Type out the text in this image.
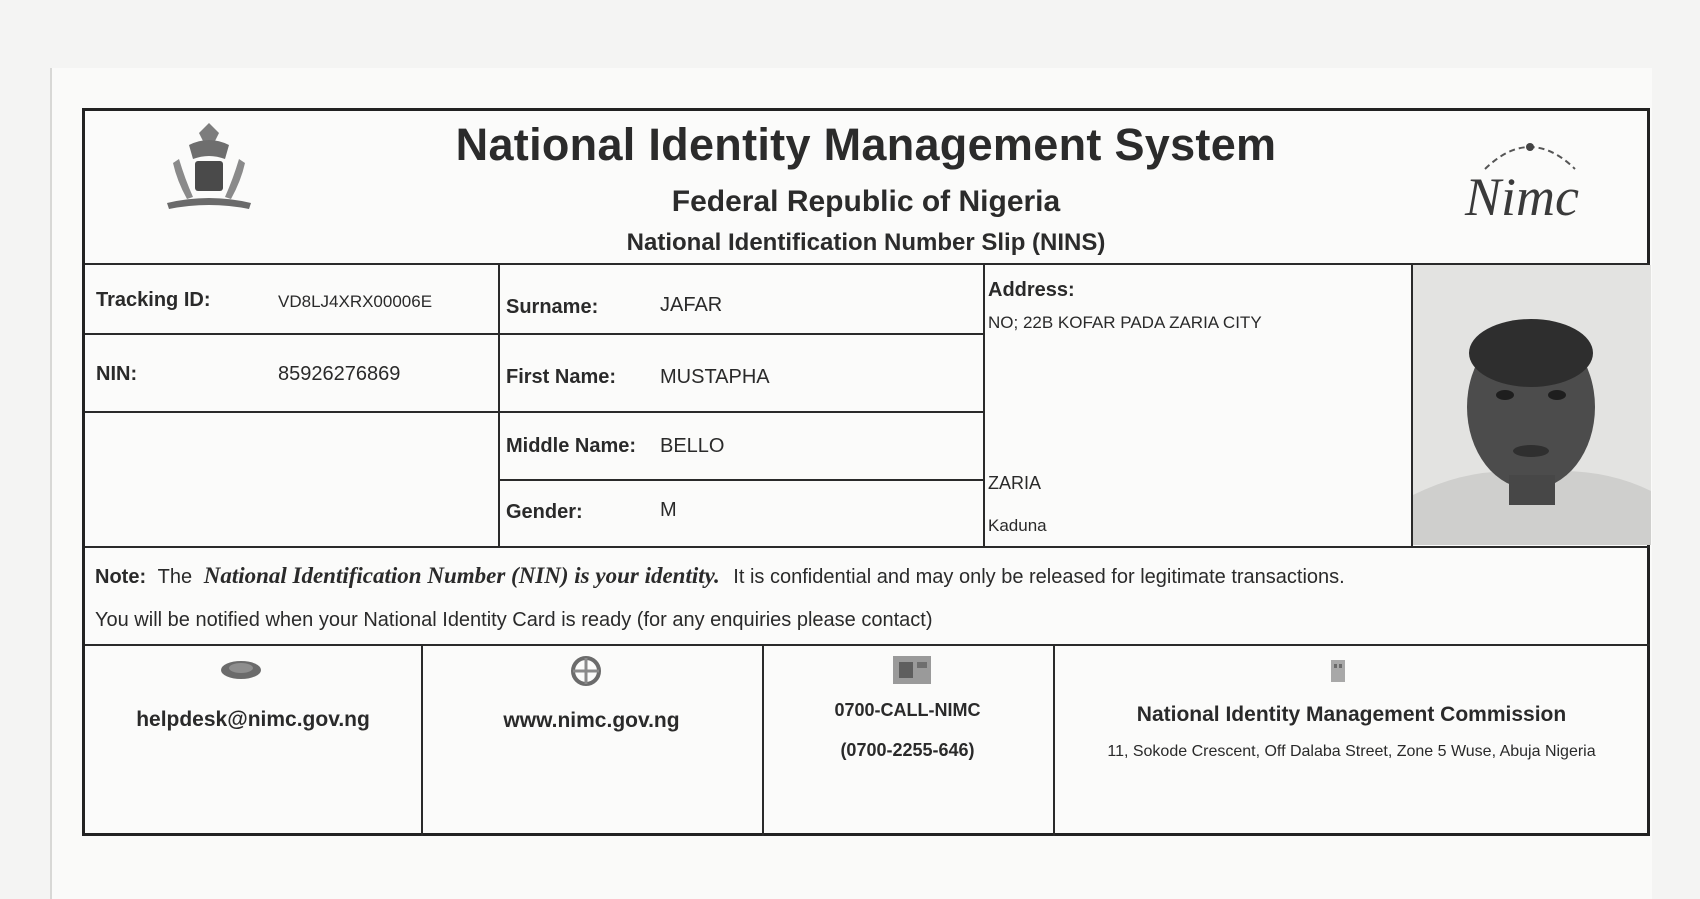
National Identity Management System
Federal Republic of Nigeria
National Identification Number Slip (NINS)
Nimc
Tracking ID:	VD8LJ4XRX00006E
NIN:	85926276869
Surname:	JAFAR
First Name: MUSTAPHA
Middle Name: BELLO
Gender:	M
Address:
NO; 22B KOFAR PADA ZARIA CITY
ZARIA
Kaduna
Note: The National Identification Number (NIN) is your identity. It is confidential and may only be released for legitimate transactions.
You will be notified when your National Identity Card is ready (for any enquiries please contact)
helpdesk@nimc.gov.ng	www.nimc.gov.ng	0700-CALL-NIMC
(0700-2255-646)
National Identity Management Commission
11, Sokode Crescent, Off Dalaba Street, Zone 5 Wuse, Abuja Nigeria
